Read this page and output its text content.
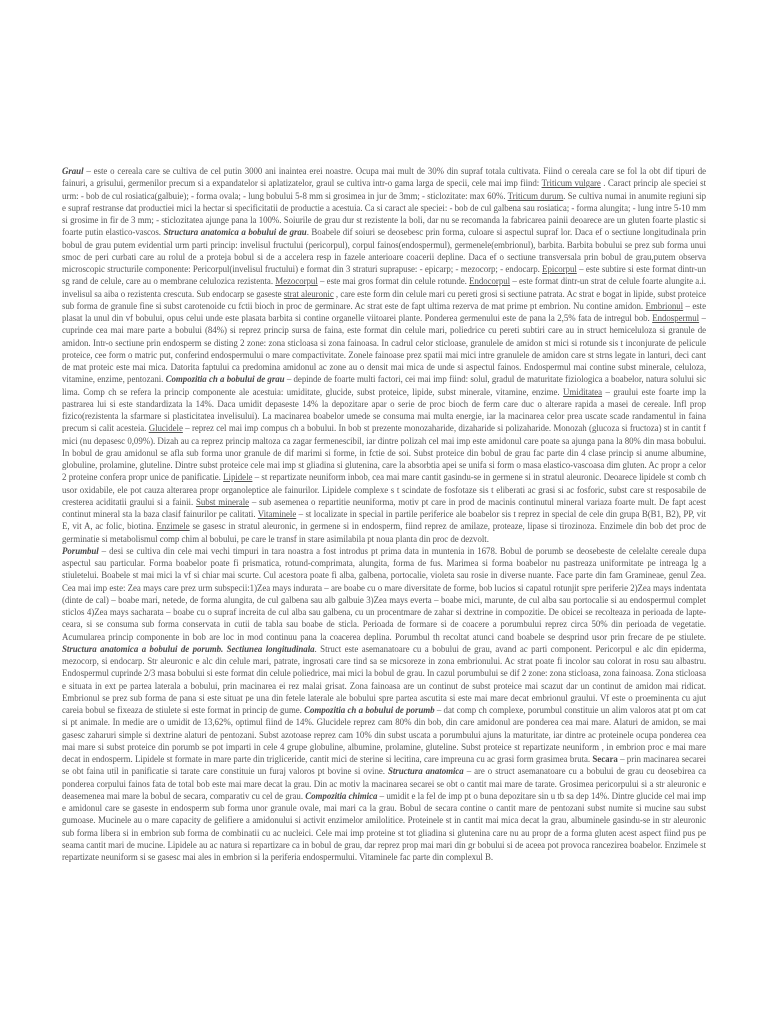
Graul – este o cereala care se cultiva de cel putin 3000 ani inaintea erei noastre. Ocupa mai mult de 30% din supraf totala cultivata. Fiind o cereala care se fol la obt dif tipuri de fainuri, a grisului, germenilor precum si a expandatelor si aplatizatelor, graul se cultiva intr-o gama larga de specii, cele mai imp fiind: Triticum vulgare . Caract princip ale speciei st urm: - bob de cul rosiatica(galbuie); - forma ovala; - lung bobului 5-8 mm si grosimea in jur de 3mm; - sticlozitate: max 60%. Triticum durum. Se cultiva numai in anumite regiuni sip e supraf restranse dat productiei mici la hectar si specificitatii de productie a acestuia. Ca si caract ale speciei: - bob de cul galbena sau rosiatica; - forma alungita; - lung intre 5-10 mm si grosime in fir de 3 mm; - sticlozitatea ajunge pana la 100%. Soiurile de grau dur st rezistente la boli, dar nu se recomanda la fabricarea painii deoarece are un gluten foarte plastic si foarte putin elastico-vascos. Structura anatomica a bobului de grau. Boabele dif soiuri se deosebesc prin forma, culoare si aspectul supraf lor. Daca ef o sectiune longitudinala prin bobul de grau putem evidential urm parti princip: invelisul fructului (pericorpul), corpul fainos(endospermul), germenele(embrionul), barbita. Barbita bobului se prez sub forma unui smoc de peri curbati care au rolul de a proteja bobul si de a accelera resp in fazele anterioare coacerii depline. Daca ef o sectiune transversala prin bobul de grau,putem observa microscopic structurile componente: Pericorpul(invelisul fructului) e format din 3 straturi suprapuse: - epicarp; - mezocorp; - endocarp. Epicorpul – este subtire si este format dintr-un sg rand de celule, care au o membrane celulozica rezistenta. Mezocorpul – este mai gros format din celule rotunde. Endocorpul – este format dintr-un strat de celule foarte alungite a.i. invelisul sa aiba o rezistenta crescuta. Sub endocarp se gaseste strat aleuronic , care este form din celule mari cu pereti grosi si sectiune patrata. Ac strat e bogat in lipide, subst proteice sub forma de granule fine si subst carotenoide cu fctii bioch in proc de germinare. Ac strat este de fapt ultima rezerva de mat prime pt embrion. Nu contine amidon. Embrionul – este plasat la unul din vf bobului, opus celui unde este plasata barbita si contine organelle viitoarei plante. Ponderea germenului este de pana la 2,5% fata de intregul bob. Endospermul – cuprinde cea mai mare parte a bobului (84%) si reprez princip sursa de faina, este format din celule mari, poliedrice cu pereti subtiri care au in struct hemiceluloza si granule de amidon. Intr-o sectiune prin endosperm se disting 2 zone: zona sticloasa si zona fainoasa. In cadrul celor sticloase, granulele de amidon st mici si rotunde sis t inconjurate de pelicule proteice, cee form o matric put, conferind endospermului o mare compactivitate. Zonele fainoase prez spatii mai mici intre granulele de amidon care st strns legate in lanturi, deci cant de mat proteic este mai mica. Datorita faptului ca predomina amidonul ac zone au o densit mai mica de unde si aspectul fainos. Endospermul mai contine subst minerale, celuloza, vitamine, enzime, pentozani. Compozitia ch a bobului de grau – depinde de foarte multi factori, cei mai imp fiind: solul, gradul de maturitate fiziologica a boabelor, natura solului sic lima. Comp ch se refera la princip componente ale acestuia: umiditate, glucide, subst proteice, lipide, subst minerale, vitamine, enzime. Umiditatea – graului este foarte imp la pastrarea lui si este standardizata la 14%. Daca umidit depaseste 14% la depozitare apar o serie de proc bioch de ferm care duc o alterare rapida a masei de cereale. Infl prop fizico(rezistenta la sfarmare si plasticitatea invelisului). La macinarea boabelor umede se consuma mai multa energie, iar la macinarea celor prea uscate scade randamentul in faina precum si calit acesteia. Glucidele – reprez cel mai imp compus ch a bobului. In bob st prezente monozaharide, dizaharide si polizaharide. Monozah (glucoza si fructoza) st in cantit f mici (nu depasesc 0,09%). Dizah au ca reprez princip maltoza ca zagar fermenescibil, iar dintre polizah cel mai imp este amidonul care poate sa ajunga pana la 80% din masa bobului. In bobul de grau amidonul se afla sub forma unor granule de dif marimi si forme, in fctie de soi. Subst proteice din bobul de grau fac parte din 4 clase princip si anume albumine, globuline, prolamine, gluteline. Dintre subst proteice cele mai imp st gliadina si glutenina, care la absorbtia apei se unifa si form o masa elastico-vascoasa dim gluten. Ac propr a celor 2 proteine confera propr unice de panificatie. Lipidele – st repartizate neuniform inbob, cea mai mare cantit gasindu-se in germene si in stratul aleuronic. Deoarece lipidele st comb ch usor oxidabile, ele pot cauza alterarea propr organoleptice ale fainurilor. Lipidele complexe s t scindate de fosfotaze sis t eliberati ac grasi si ac fosforic, subst care st resposabile de cresterea aciditatii graului si a fainii. Subst minerale – sub asemenea o repartitie neuniforma, motiv pt care in prod de macinis continutul mineral variaza foarte mult. De fapt acest continut mineral sta la baza clasif fainurilor pe calitati. Vitaminele – st localizate in special in partile periferice ale boabelor sis t reprez in special de cele din grupa B(B1, B2), PP, vit E, vit A, ac folic, biotina. Enzimele se gasesc in stratul aleuronic, in germene si in endosperm, fiind reprez de amilaze, proteaze, lipase si tirozinoza. Enzimele din bob det proc de germinatie si metabolismul comp chim al bobului, pe care le transf in stare asimilabila pt noua planta din proc de dezvolt.

Porumbul – desi se cultiva din cele mai vechi timpuri in tara noastra a fost introdus pt prima data in muntenia in 1678. Bobul de porumb se deosebeste de celelalte cereale dupa aspectul sau particular. Forma boabelor poate fi prismatica, rotund-comprimata, alungita, forma de fus. Marimea si forma boabelor nu pastreaza uniformitate pe intreaga lg a stiuletelui. Boabele st mai mici la vf si chiar mai scurte. Cul acestora poate fi alba, galbena, portocalie, violeta sau rosie in diverse nuante. Face parte din fam Gramineae, genul Zea. Cea mai imp este: Zea mays care prez urm subspecii:1)Zea mays indurata – are boabe cu o mare diversitate de forme, bob lucios si capatul rotunjit spre periferie 2)Zea mays indentata (dinte de cal) – boabe mari, netede, de forma alungita, de cul galbena sau alb galbuie 3)Zea mays everta – boabe mici, marunte, de cul alba sau portocalie si au endospermul complet sticlos 4)Zea mays sacharata – boabe cu o supraf increita de cul alba sau galbena, cu un procentmare de zahar si dextrine in compozitie. De obicei se recolteaza in perioada de lapte-ceara, si se consuma sub forma conservata in cutii de tabla sau boabe de sticla. Perioada de formare si de coacere a porumbului reprez circa 50% din perioada de vegetatie. Acumularea princip componente in bob are loc in mod continuu pana la coacerea deplina. Porumbul th recoltat atunci cand boabele se desprind usor prin frecare de pe stiulete. Structura anatomica a bobului de porumb. Sectiunea longitudinala. Struct este asemanatoare cu a bobului de grau, avand ac parti component. Pericorpul e alc din epiderma, mezocorp, si endocarp. Str aleuronic e alc din celule mari, patrate, ingrosati care tind sa se micsoreze in zona embrionului. Ac strat poate fi incolor sau colorat in rosu sau albastru. Endospermul cuprinde 2/3 masa bobului si este format din celule poliedrice, mai mici la bobul de grau. In cazul porumbului se dif 2 zone: zona sticloasa, zona fainoasa. Zona sticloasa e situata in ext pe partea laterala a bobului, prin macinarea ei rez malai grisat. Zona fainoasa are un continut de subst proteice mai scazut dar un continut de amidon mai ridicat. Embrionul se prez sub forma de pana si este situat pe una din fetele laterale ale bobului spre partea ascutita si este mai mare decat embrionul graului. Vf este o proeminenta cu ajut careia bobul se fixeaza de stiulete si este format in princip de gume. Compozitia ch a bobului de porumb – dat comp ch complexe, porumbul constituie un alim valoros atat pt om cat si pt animale. In medie are o umidit de 13,62%, optimul fiind de 14%. Glucidele reprez cam 80% din bob, din care amidonul are ponderea cea mai mare. Alaturi de amidon, se mai gasesc zaharuri simple si dextrine alaturi de pentozani. Subst azotoase reprez cam 10% din subst uscata a porumbului ajuns la maturitate, iar dintre ac proteinele ocupa ponderea cea mai mare si subst proteice din porumb se pot imparti in cele 4 grupe globuline, albumine, prolamine, gluteline. Subst proteice st repartizate neuniform , in embrion proc e mai mare decat in endosperm. Lipidele st formate in mare parte din trigliceride, cantit mici de sterine si lecitina, care impreuna cu ac grasi form grasimea bruta. Secara – prin macinarea secarei se obt faina util in panificatie si tarate care constituie un furaj valoros pt bovine si ovine. Structura anatomica – are o struct asemanatoare cu a bobului de grau cu deosebirea ca ponderea corpului fainos fata de total bob este mai mare decat la grau. Din ac motiv la macinarea secarei se obt o cantit mai mare de tarate. Grosimea pericorpului si a str aleuronic e deasemenea mai mare la bobul de secara, comparativ cu cel de grau. Compozitia chimica – umidit e la fel de imp pt o buna depozitare sin u tb sa dep 14%. Dintre glucide cel mai imp e amidonul care se gaseste in endosperm sub forma unor granule ovale, mai mari ca la grau. Bobul de secara contine o cantit mare de pentozani subst numite si mucine sau subst gumoase. Mucinele au o mare capacity de gelifiere a amidonului si activit enzimelor amilolitice. Proteinele st in cantit mai mica decat la grau, albuminele gasindu-se in str aleuronic sub forma libera si in embrion sub forma de combinatii cu ac nucleici. Cele mai imp proteine st tot gliadina si glutenina care nu au propr de a forma gluten acest aspect fiind pus pe seama cantit mari de mucine. Lipidele au ac natura si repartizare ca in bobul de grau, dar reprez prop mai mari din gr bobului si de aceea pot provoca rancezirea boabelor. Enzimele st repartizate neuniform si se gasesc mai ales in embrion si la periferia endospermului. Vitaminele fac parte din complexul B.
